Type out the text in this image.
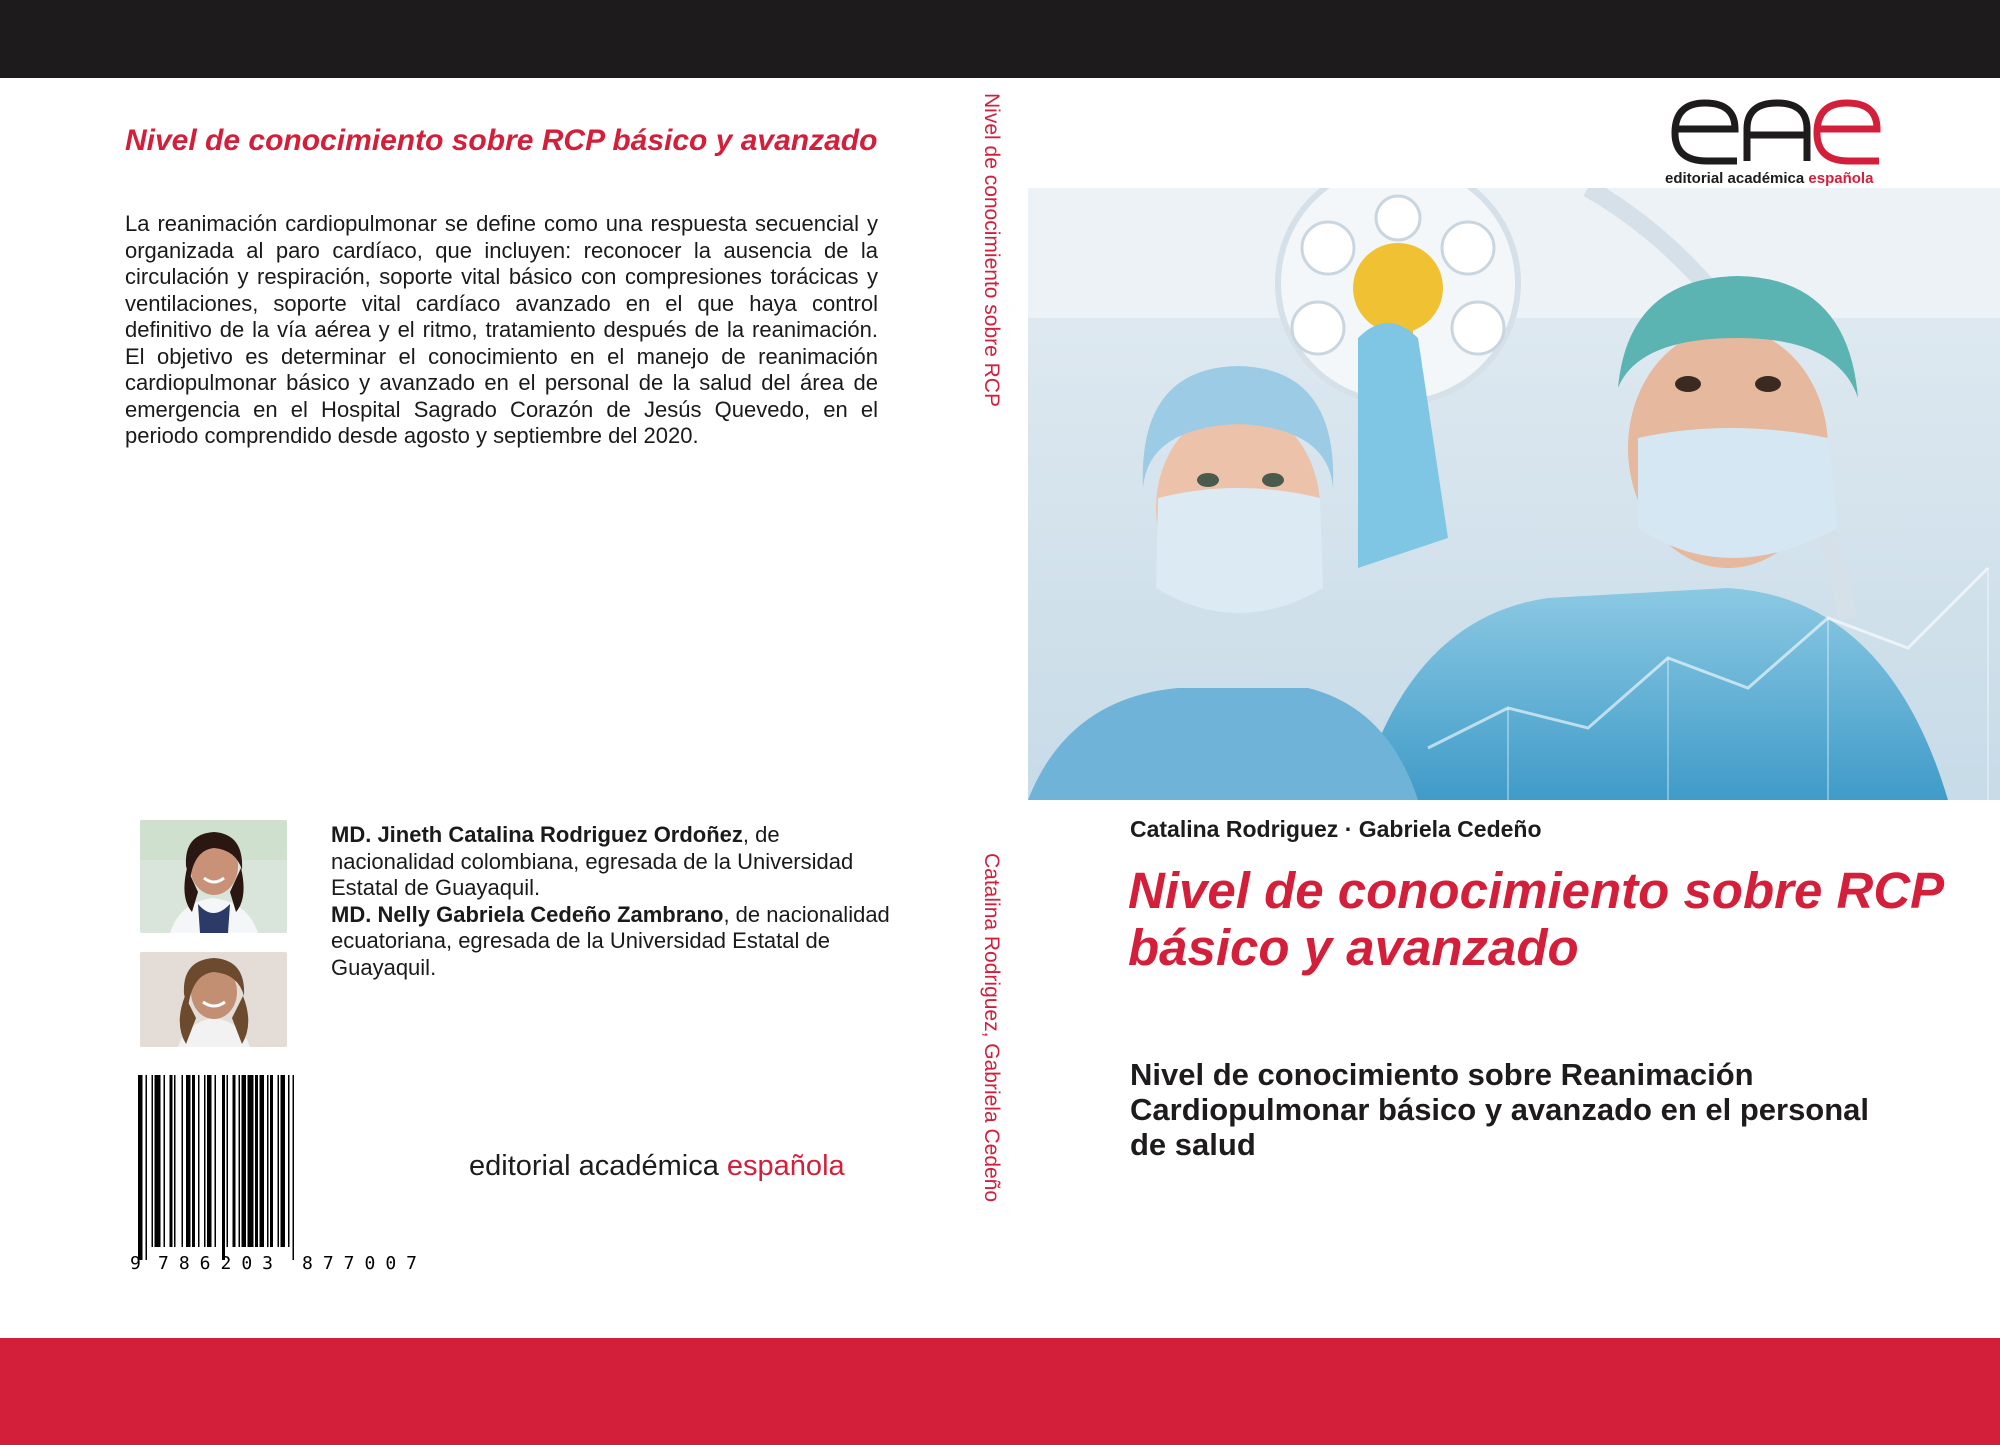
Nivel de conocimiento sobre RCP básico y avanzado
La reanimación cardiopulmonar se define como una respuesta secuencial y organizada al paro cardíaco, que incluyen: reconocer la ausencia de la circulación y respiración, soporte vital básico con compresiones torácicas y ventilaciones, soporte vital cardíaco avanzado en el que haya control definitivo de la vía aérea y el ritmo, tratamiento después de la reanimación. El objetivo es determinar el conocimiento en el manejo de reanimación cardiopulmonar básico y avanzado en el personal de la salud del área de emergencia en el Hospital Sagrado Corazón de Jesús Quevedo, en el periodo comprendido desde agosto y septiembre del 2020.
MD. Jineth Catalina Rodriguez Ordoñez, de nacionalidad colombiana, egresada de la Universidad Estatal de Guayaquil.
MD. Nelly Gabriela Cedeño Zambrano, de nacionalidad ecuatoriana, egresada de la Universidad Estatal de Guayaquil.
9 786203 877007
editorial académica española
Nivel de conocimiento sobre RCP
Catalina Rodriguez, Gabriela Cedeño
editorial académica española
Catalina Rodriguez · Gabriela Cedeño
Nivel de conocimiento sobre RCP básico y avanzado
Nivel de conocimiento sobre Reanimación Cardiopulmonar básico y avanzado en el personal de salud
